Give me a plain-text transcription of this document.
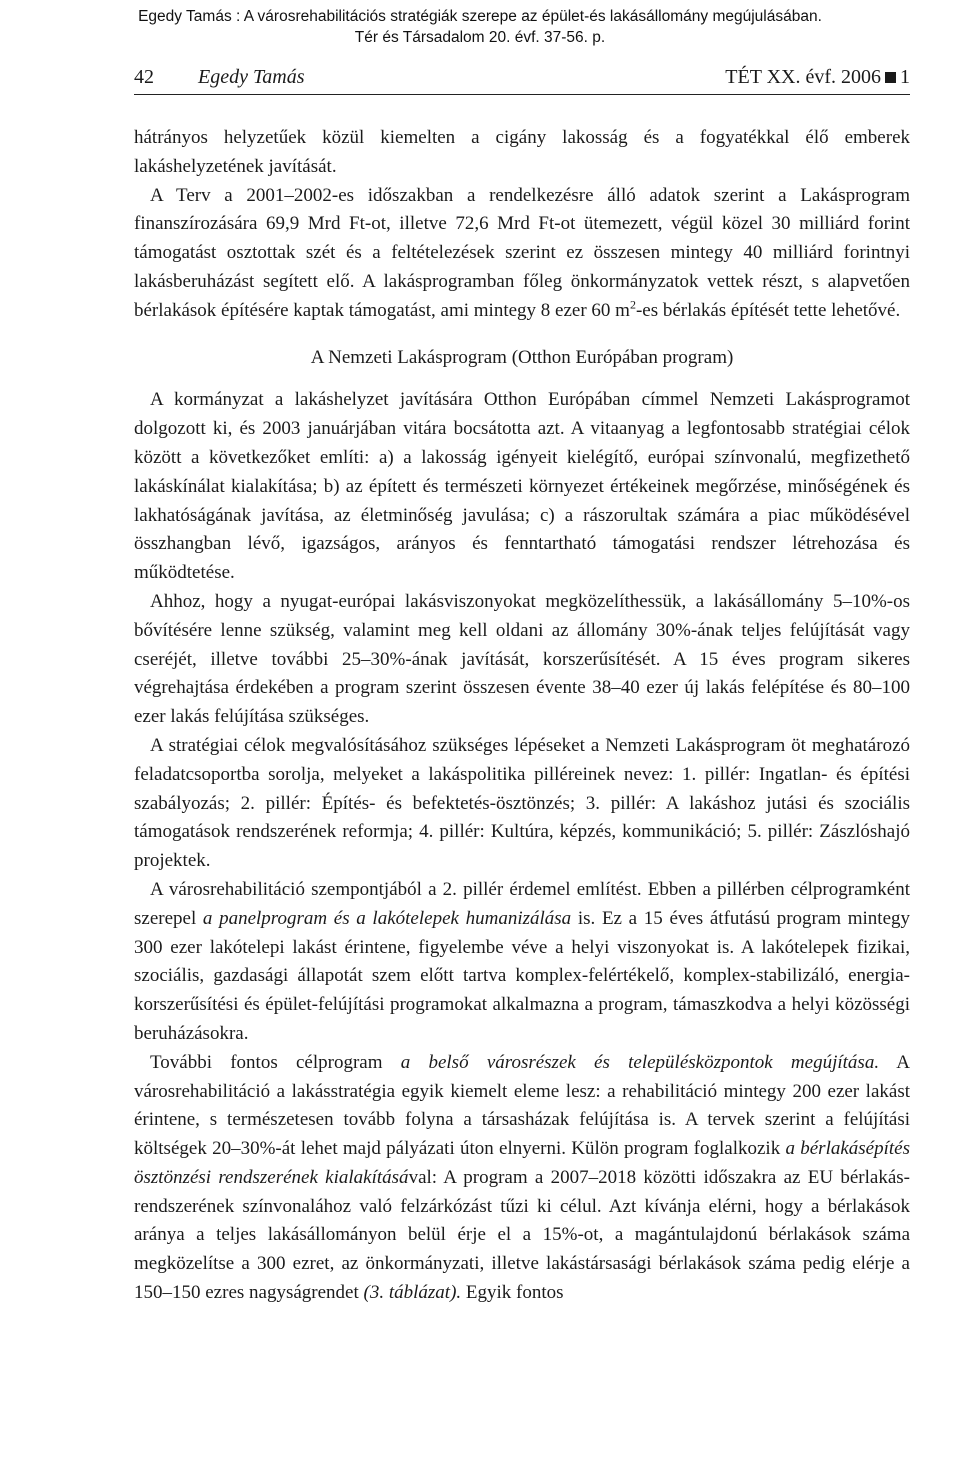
Egedy Tamás : A városrehabilitációs stratégiák szerepe az épület-és lakásállomány megújulásában.
Tér és Társadalom 20. évf. 37-56. p.
42 Egedy Tamás	TÉT XX. évf. 2006 1

hátrányos helyzetűek közül kiemelten a cigány lakosság és a fogyatékkal élő emberek lakáshelyzetének javítását.

A Terv a 2001–2002-es időszakban a rendelkezésre álló adatok szerint a Lakásprogram finanszírozására 69,9 Mrd Ft-ot, illetve 72,6 Mrd Ft-ot ütemezett, végül közel 30 milliárd forint támogatást osztottak szét és a feltételezések szerint ez összesen mintegy 40 milliárd forintnyi lakásberuházást segített elő. A lakásprogramban főleg önkormányzatok vettek részt, s alapvetően bérlakások építésére kaptak támogatást, ami mintegy 8 ezer 60 $m^2-es$ bérlakás építését tette lehetővé.

A Nemzeti Lakásprogram (Otthon Európában program)

A kormányzat a lakáshelyzet javítására Otthon Európában címmel Nemzeti Lakásprogramot dolgozott ki, és 2003 januárjában vitára bocsátotta azt. A vitaanyag a legfontosabb stratégiai célok között a következőket említi: a) a lakosság igényeit kielégítő, európai színvonalú, megfizethető lakáskínálat kialakítása; b) az épített és természeti környezet értékeinek megőrzése, minőségének és lakhatóságának javítása, az életminőség javulása; c) a rászorultak számára a piac működésével összhangban lévő, igazságos, arányos és fenntartható támogatási rendszer létrehozása és működtetése.

Ahhoz, hogy a nyugat-európai lakásviszonyokat megközelíthessük, a lakásállomány 5–10%-os bővítésére lenne szükség, valamint meg kell oldani az állomány 30%-ának teljes felújítását vagy cseréjét, illetve további 25–30%-ának javítását, korszerűsítését. A 15 éves program sikeres végrehajtása érdekében a program szerint összesen évente 38–40 ezer új lakás felépítése és 80–100 ezer lakás felújítása szükséges.

A stratégiai célok megvalósításához szükséges lépéseket a Nemzeti Lakásprogram öt meghatározó feladatcsoportba sorolja, melyeket a lakáspolitika pilléreinek nevez: 1. pillér: Ingatlan- és építési szabályozás; 2. pillér: Építés- és befektetés-ösztönzés; 3. pillér: A lakáshoz jutási és szociális támogatások rendszerének reformja; 4. pillér: Kultúra, képzés, kommunikáció; 5. pillér: Zászlóshajó projektek.

A városrehabilitáció szempontjából a 2. pillér érdemel említést. Ebben a pillérben célprogramként szerepel a panelprogram és a lakótelepek humanizálása is. Ez a 15 éves átfutású program mintegy 300 ezer lakótelepi lakást érintene, figyelembe véve a helyi viszonyokat is. A lakótelepek fizikai, szociális, gazdasági állapotát szem előtt tartva komplex-felértékelő, komplex-stabilizáló, energia-korszerűsítési és épület-felújítási programokat alkalmazna a program, támaszkodva a helyi közösségi beruházásokra.

További fontos célprogram a belső városrészek és településközpontok megújítása. A városrehabilitáció a lakásstratégia egyik kiemelt eleme lesz: a rehabilitáció mintegy 200 ezer lakást érintene, s természetesen tovább folyna a társasházak felújítása is. A tervek szerint a felújítási költségek 20–30%-át lehet majd pályázati úton elnyerni. Külön program foglalkozik a bérlakásépítés ösztönzési rendszerének kialakításával: A program a 2007–2018 közötti időszakra az EU bérlakás-rendszerének színvonalához való felzárkózást tűzi ki célul. Azt kívánja elérni, hogy a bérlakások aránya a teljes lakásállományon belül érje el a 15%-ot, a magántulajdonú bérlakások száma megközelítse a 300 ezret, az önkormányzati, illetve lakástársasági bérlakások száma pedig elérje a 150–150 ezres nagyságrendet (3. táblázat). Egyik fontos
